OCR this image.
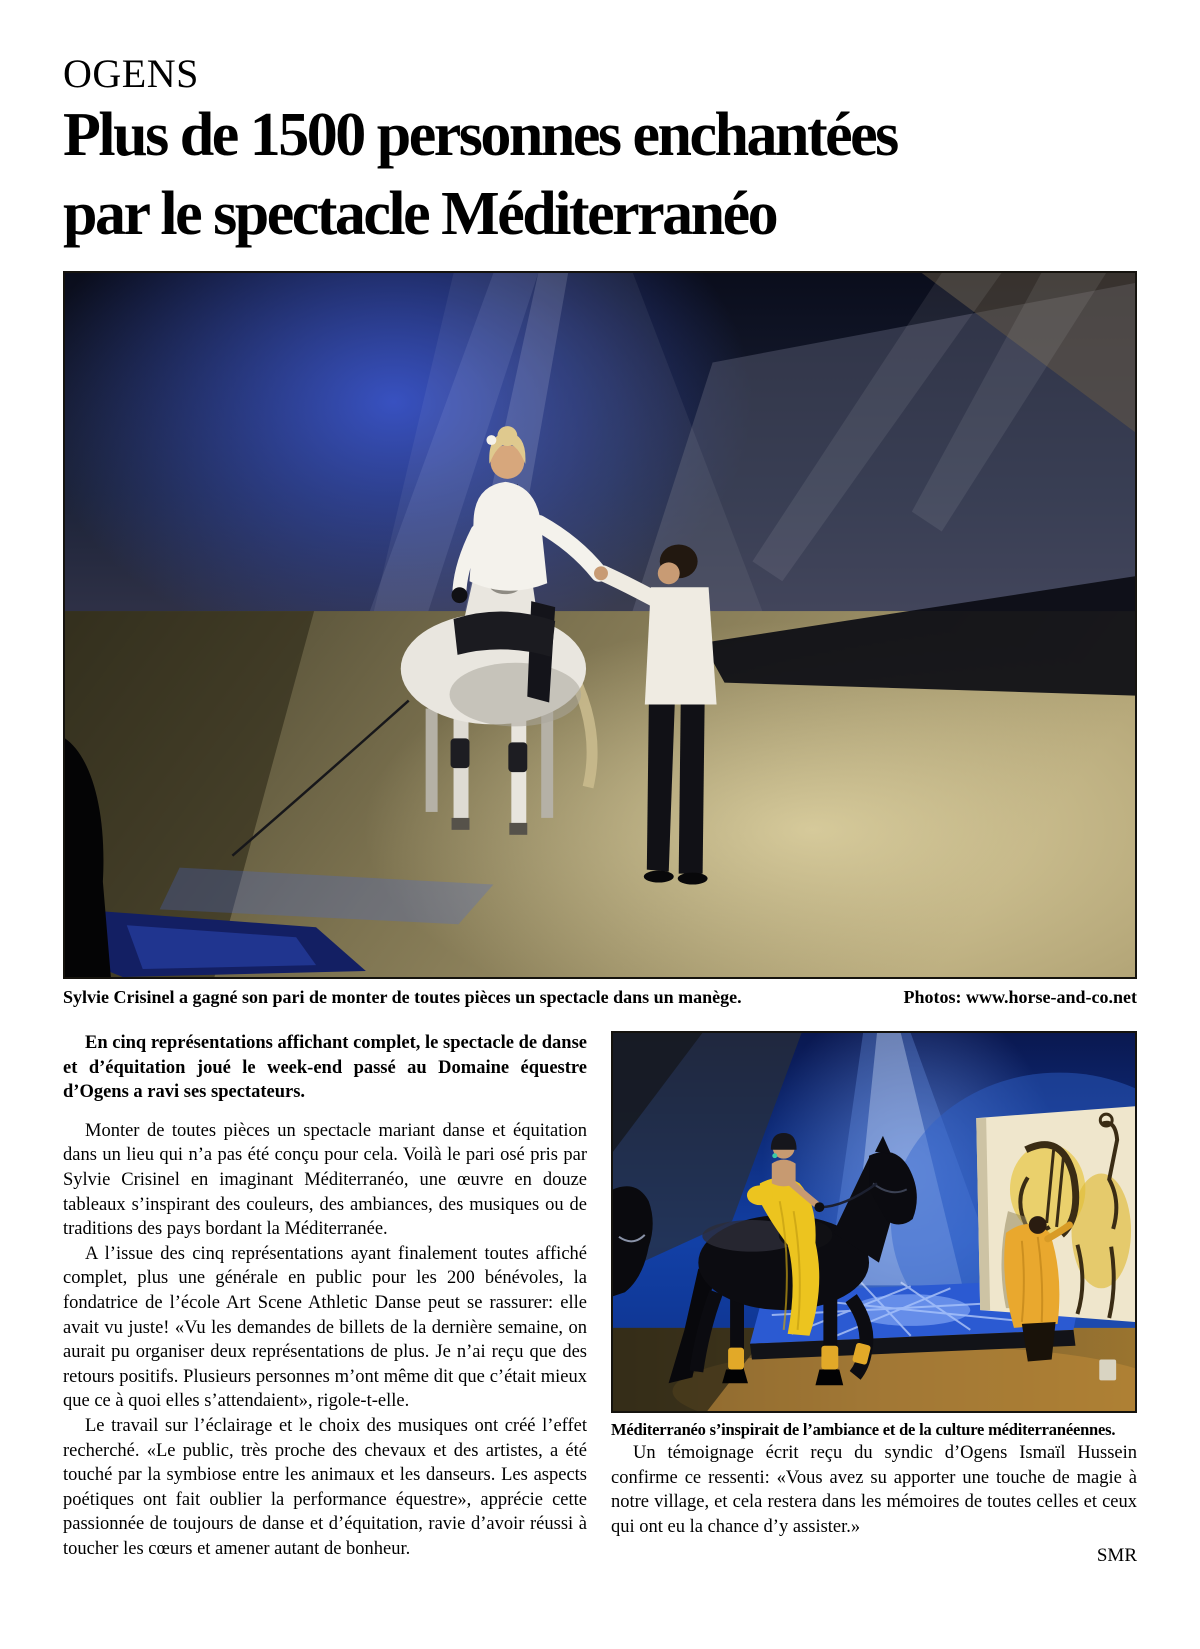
OGENS
Plus de 1500 personnes enchantées
par le spectacle Méditerranéo
Sylvie Crisinel a gagné son pari de monter de toutes pièces un spectacle dans un manège.	Photos: www.horse-and-co.net

En cinq représentations affichant complet, le spectacle de danse et d’équitation joué le week-end passé au Domaine équestre d’Ogens a ravi ses spectateurs.

Monter de toutes pièces un spectacle mariant danse et équitation dans un lieu qui n’a pas été conçu pour cela. Voilà le pari osé pris par Sylvie Crisinel en imaginant Méditerranéo, une œuvre en douze tableaux s’inspirant des couleurs, des ambiances, des musiques ou de traditions des pays bordant la Méditerranée.

A l’issue des cinq représentations ayant finalement toutes affiché complet, plus une générale en public pour les 200 bénévoles, la fondatrice de l’école Art Scene Athletic Danse peut se rassurer: elle avait vu juste! «Vu les demandes de billets de la dernière semaine, on aurait pu organiser deux représentations de plus. Je n’ai reçu que des retours positifs. Plusieurs personnes m’ont même dit que c’était mieux que ce à quoi elles s’attendaient», rigole-t-elle.

Le travail sur l’éclairage et le choix des musiques ont créé l’effet recherché. «Le public, très proche des chevaux et des artistes, a été touché par la symbiose entre les animaux et les danseurs. Les aspects poétiques ont fait oublier la performance équestre», apprécie cette passionnée de toujours de danse et d’équitation, ravie d’avoir réussi à toucher les cœurs et amener autant de bonheur.

Méditerranéo s’inspirait de l’ambiance et de la culture méditerranéennes.

Un témoignage écrit reçu du syndic d’Ogens Ismaïl Hussein confirme ce ressenti: «Vous avez su apporter une touche de magie à notre village, et cela restera dans les mémoires de toutes celles et ceux qui ont eu la chance d’y assister.»

SMR
